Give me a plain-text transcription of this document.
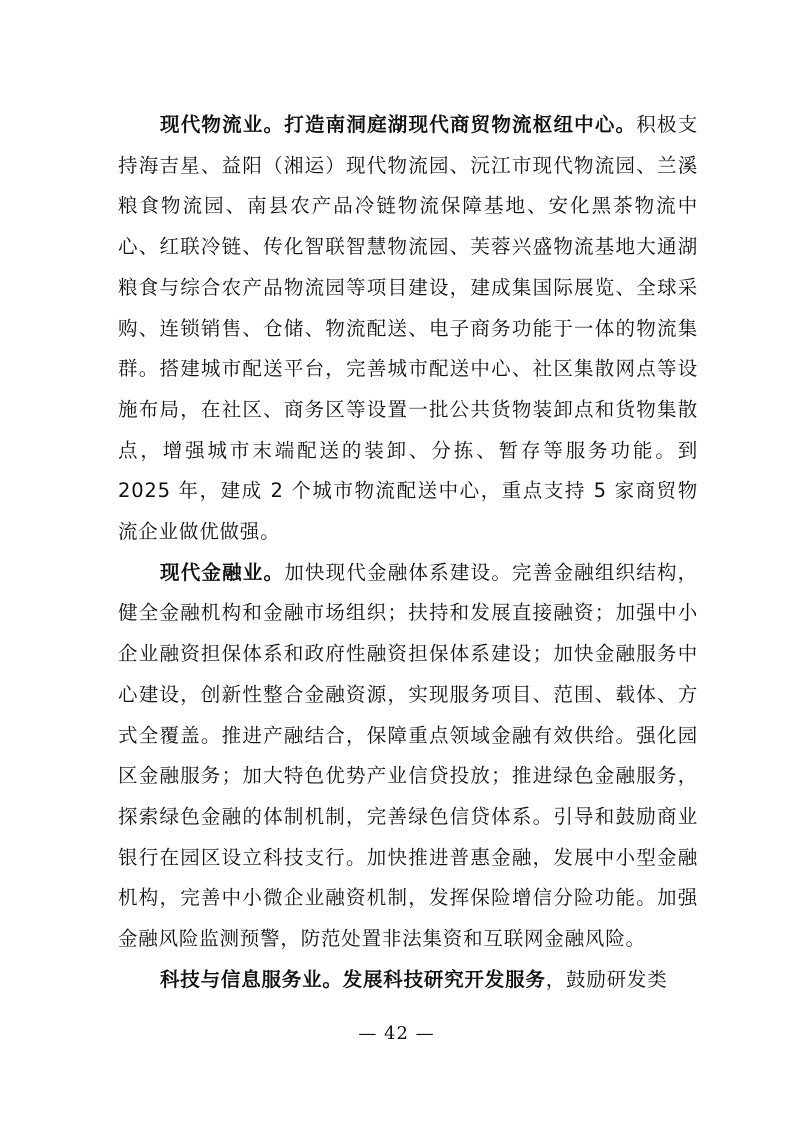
现代物流业。打造南洞庭湖现代商贸物流枢纽中心。积极支持海吉星、益阳（湘运）现代物流园、沅江市现代物流园、兰溪粮食物流园、南县农产品冷链物流保障基地、安化黑茶物流中心、红联冷链、传化智联智慧物流园、芙蓉兴盛物流基地大通湖粮食与综合农产品物流园等项目建设，建成集国际展览、全球采购、连锁销售、仓储、物流配送、电子商务功能于一体的物流集群。搭建城市配送平台，完善城市配送中心、社区集散网点等设施布局，在社区、商务区等设置一批公共货物装卸点和货物集散点，增强城市末端配送的装卸、分拣、暂存等服务功能。到 2025 年，建成 2 个城市物流配送中心，重点支持 5 家商贸物流企业做优做强。

现代金融业。加快现代金融体系建设。完善金融组织结构，健全金融机构和金融市场组织；扶持和发展直接融资；加强中小企业融资担保体系和政府性融资担保体系建设；加快金融服务中心建设，创新性整合金融资源，实现服务项目、范围、载体、方式全覆盖。推进产融结合，保障重点领域金融有效供给。强化园区金融服务；加大特色优势产业信贷投放；推进绿色金融服务，探索绿色金融的体制机制，完善绿色信贷体系。引导和鼓励商业银行在园区设立科技支行。加快推进普惠金融，发展中小型金融机构，完善中小微企业融资机制，发挥保险增信分险功能。加强金融风险监测预警，防范处置非法集资和互联网金融风险。

科技与信息服务业。发展科技研究开发服务，鼓励研发类

— 42 —
